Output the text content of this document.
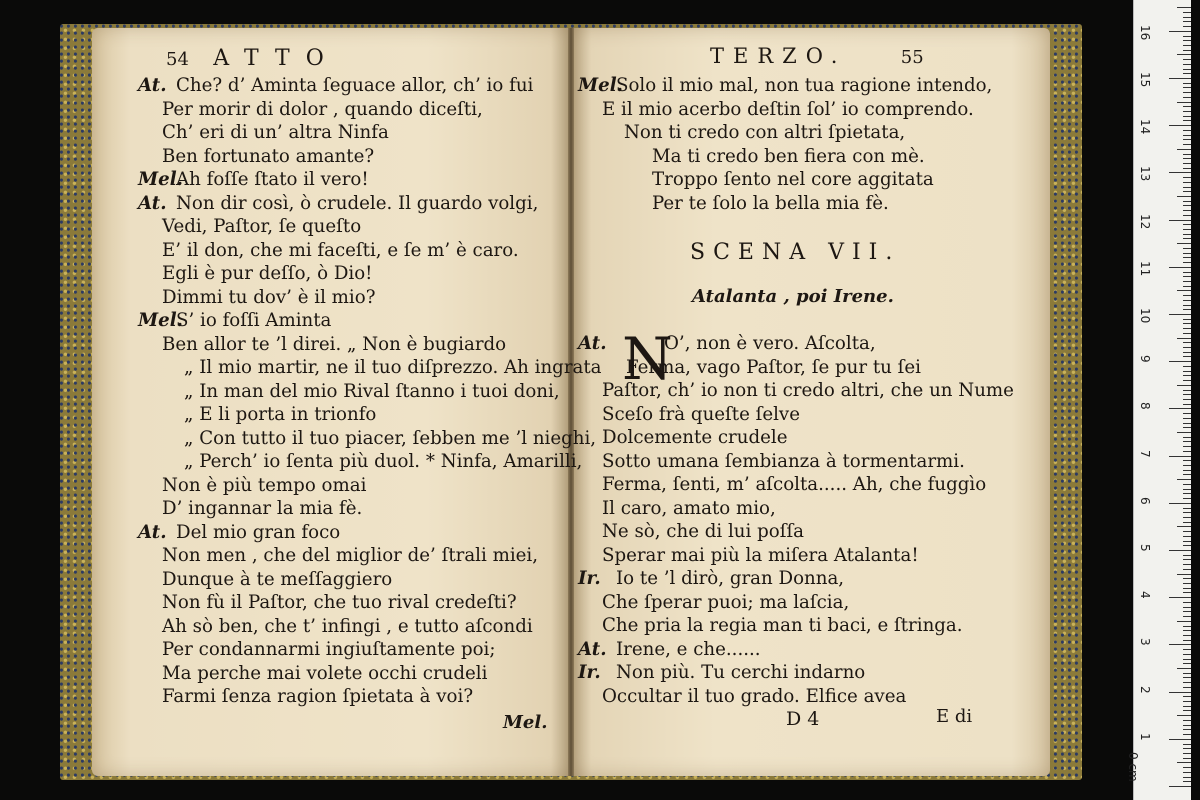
54 ATTO	TERZO.	55
At. Che? d’ Aminta ſeguace allor, ch’ io fui
Per morir di dolor , quando diceſti,
Ch’ eri di un’ altra Ninfa
Ben fortunato amante?
Mel.Ah foſſe ſtato il vero!
At. Non dir così, ò crudele. Il guardo volgi,
Vedi, Paſtor, ſe queſto
E’ il don, che mi faceſti, e ſe m’ è caro.
Egli è pur deſſo, ò Dio!
Dimmi tu dov’ è il mio?
Mel.S’ io foſſi Aminta
Ben allor te ’l direi. „ Non è bugiardo
„ Il mio martir, ne il tuo diſprezzo. Ah ingrata
„ In man del mio Rival ſtanno i tuoi doni,
„ E li porta in trionfo
„ Con tutto il tuo piacer, ſebben me ’l nieghi,
„ Perch’ io ſenta più duol. * Ninfa, Amarilli,
Non è più tempo omai
D’ ingannar la mia fè.
At. Del mio gran foco
Non men , che del miglior de’ ſtrali miei,
Dunque à te meſſaggiero
Non fù il Paſtor, che tuo rival credeſti?
Ah sò ben, che t’ infingi , e tutto aſcondi
Per condannarmi ingiuſtamente poi;
Ma perche mai volete occhi crudeli
Farmi ſenza ragion ſpietata à voi?
Mel.
Mel.Solo il mio mal, non tua ragione intendo,
E il mio acerbo deſtin ſol’ io comprendo.
Non ti credo con altri ſpietata,
Ma ti credo ben fiera con mè.
Troppo ſento nel core aggitata
Per te ſolo la bella mia fè.
SCENA VII.
Atalanta , poi Irene.
N
At.	O’, non è vero. Aſcolta,
Ferma, vago Paſtor, ſe pur tu ſei
Paſtor, ch’ io non ti credo altri, che un Nume
Sceſo frà queſte ſelve
Dolcemente crudele
Sotto umana ſembianza à tormentarmi.
Ferma, ſenti, m’ aſcolta..... Ah, che fuggìo
Il caro, amato mio,
Ne sò, che di lui poſſa
Sperar mai più la miſera Atalanta!
Ir. Io te ’l dirò, gran Donna,
Che ſperar puoi; ma laſcia,
Che pria la regia man ti baci, e ſtringa.
At. Irene, e che......
Ir. Non più. Tu cerchi indarno
Occultar il tuo grado. Elfice avea
D 4	E di
0 cm
1
2
3
4
5
6
7
8
9
10
11
12
13
14
15
16
